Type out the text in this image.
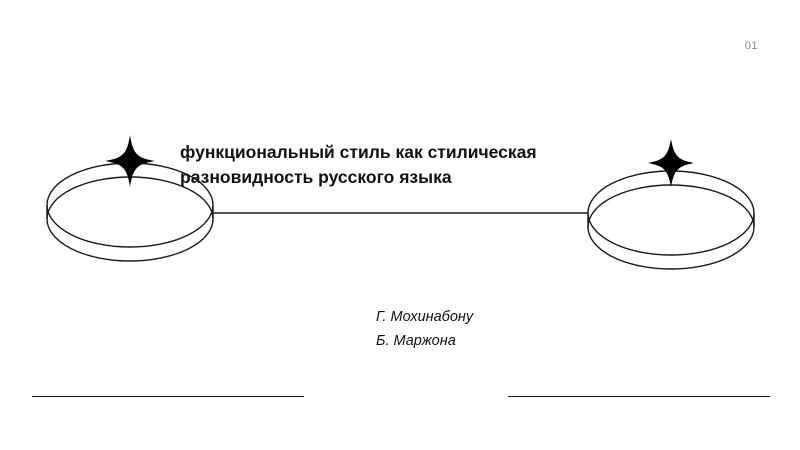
01
функциональный стиль как стилическая разновидность русского языка
Г. Мохинабону
Б. Маржона
